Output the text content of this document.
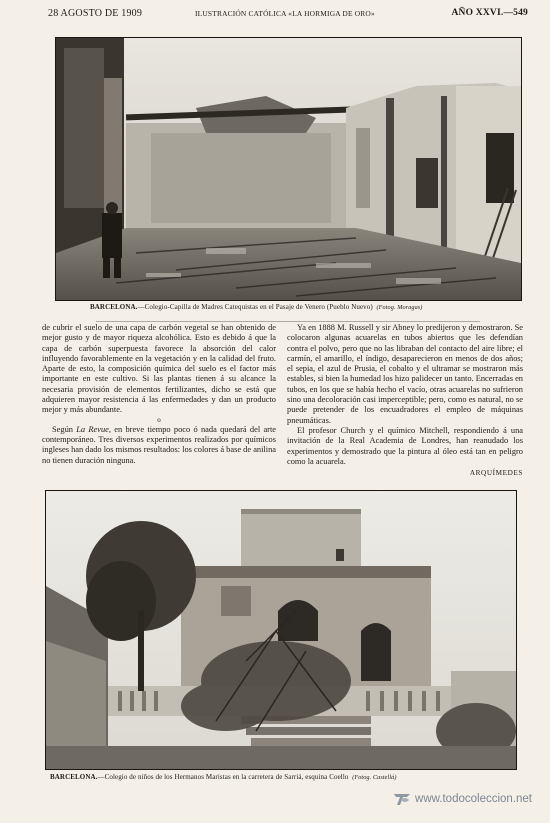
28 AGOSTO DE 1909	ILUSTRACIÓN CATÓLICA «LA HORMIGA DE ORO»	AÑO XXVI.—549
BARCELONA.—Colegio-Capilla de Madres Catequistas en el Pasaje de Venero (Pueblo Nuevo) (Fotog. Moragas)

de cubrir el suelo de una capa de carbón vegetal se han obtenido de mejor gusto y de mayor riqueza alcohólica. Esto es debido á que la capa de carbón superpuesta favorece la absorción del calor influyendo favorablemente en la vegetación y en la calidad del fruto. Aparte de esto, la composición química del suelo es el factor más importante en este cultivo. Si las plantas tienen á su alcance la necesaria provisión de elementos fertilizantes, dicho se está que adquieren mayor resistencia á las enfermedades y dan un producto mejor y más abundante.

o

Según La Revue, en breve tiempo poco ó nada quedará del arte contemporáneo. Tres diversos experimentos realizados por químicos ingleses han dado los mismos resultados: los colores á base de anilina no tienen duración ninguna.

Ya en 1888 M. Russell y sir Abney lo predijeron y demostraron. Se colocaron algunas acuarelas en tubos abiertos que les defendían contra el polvo, pero que no las libraban del contacto del aire libre; el carmín, el amarillo, el índigo, desaparecieron en menos de dos años; el sepia, el azul de Prusia, el cobalto y el ultramar se mostraron más estables, si bien la humedad los hizo palidecer un tanto. Encerradas en tubos, en los que se había hecho el vacío, otras acuarelas no sufrieron sino una decoloración casi imperceptible; pero, como es natural, no se puede pretender de los encuadradores el empleo de máquinas pneumáticas.

El profesor Church y el químico Mitchell, respondiendo á una invitación de la Real Academia de Londres, han reanudado los experimentos y demostrado que la pintura al óleo está tan en peligro como la acuarela.

ARQUÍMEDES
BARCELONA.—Colegio de niños de los Hermanos Maristas en la carretera de Sarriá, esquina Coello (Fotog. Castellá)
www.todocoleccion.net
